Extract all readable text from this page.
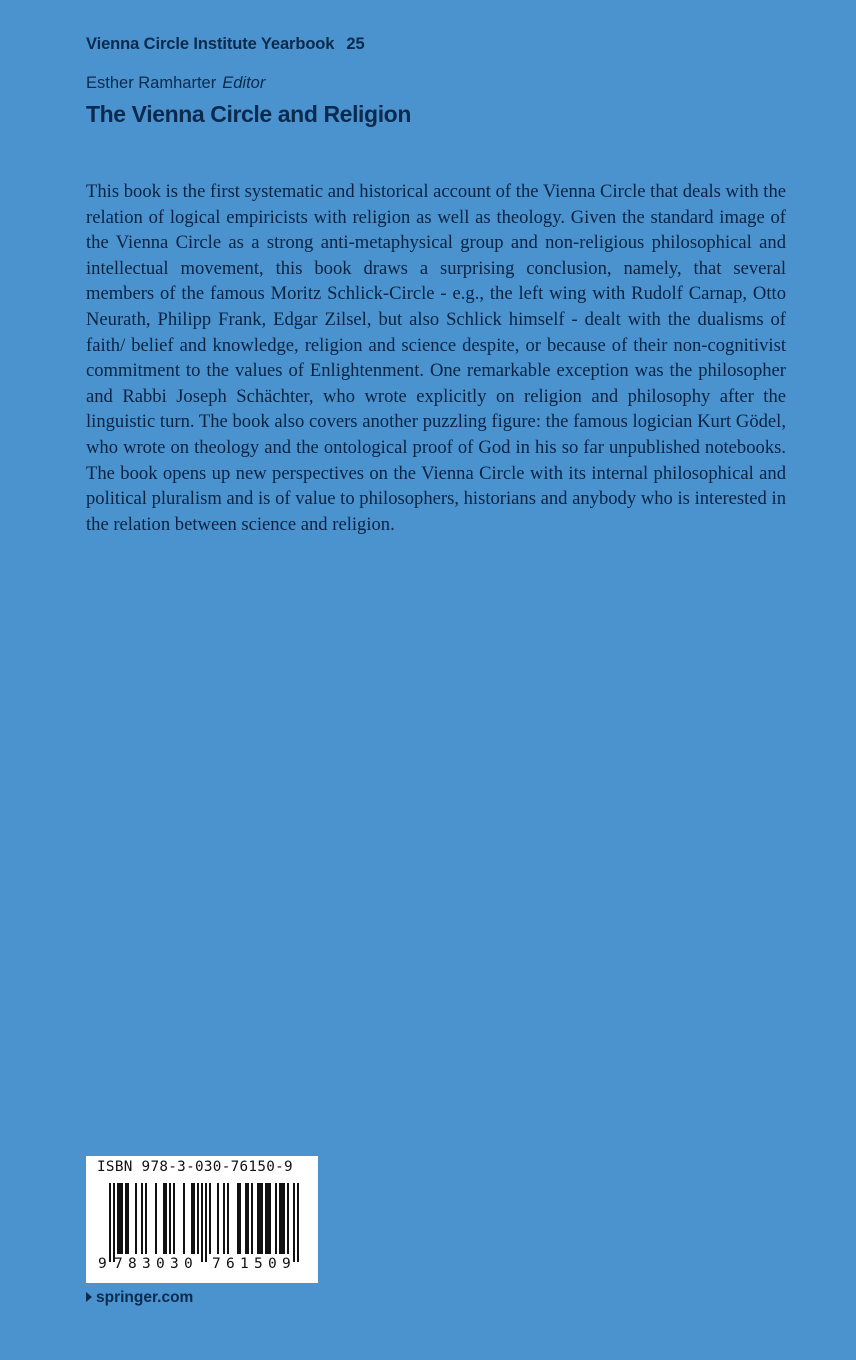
Vienna Circle Institute Yearbook 25
Esther Ramharter Editor
The Vienna Circle and Religion

This book is the first systematic and historical account of the Vienna Circle that deals with the relation of logical empiricists with religion as well as theology. Given the standard image of the Vienna Circle as a strong anti-metaphysical group and non-religious philosophical and intellectual movement, this book draws a surprising conclusion, namely, that several members of the famous Moritz Schlick-Circle - e.g., the left wing with Rudolf Carnap, Otto Neurath, Philipp Frank, Edgar Zilsel, but also Schlick himself - dealt with the dualisms of faith/ belief and knowledge, religion and science despite, or because of their non-cognitivist commitment to the values of Enlightenment. One remarkable exception was the philosopher and Rabbi Joseph Schächter, who wrote explicitly on religion and philosophy after the linguistic turn. The book also covers another puzzling figure: the famous logician Kurt Gödel, who wrote on theology and the ontological proof of God in his so far unpublished notebooks. The book opens up new perspectives on the Vienna Circle with its internal philosophical and political pluralism and is of value to philosophers, historians and anybody who is interested in the relation between science and religion.

ISBN 978-3-030-76150-9
9 7 8 3 0 3 0 7 6 1 5 0 9
springer.com
